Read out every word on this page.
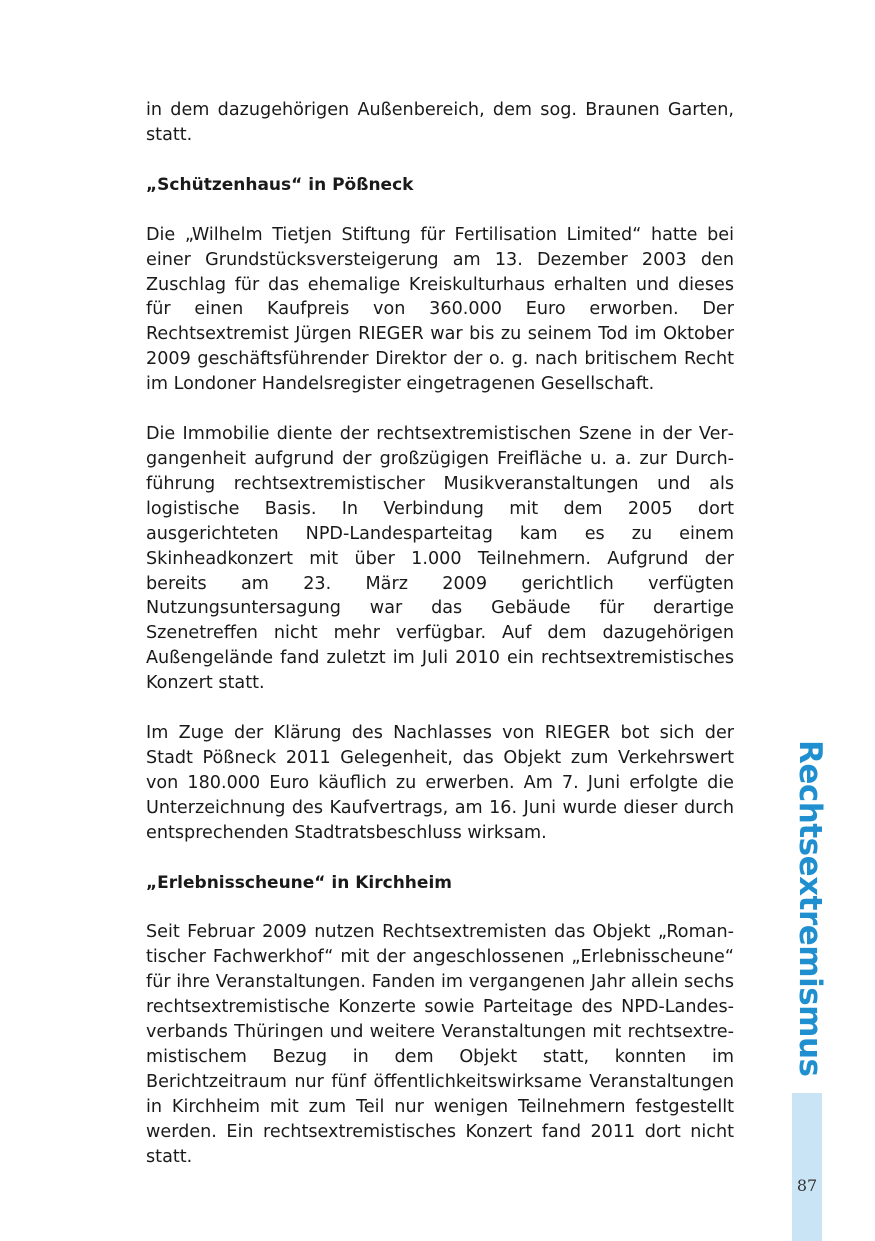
in dem dazugehörigen Außenbereich, dem sog. Braunen Garten, statt.

„Schützenhaus“ in Pößneck

Die „Wilhelm Tietjen Stiftung für Fertilisation Limited“ hatte bei einer Grundstücksversteigerung am 13. Dezember 2003 den Zuschlag für das ehemalige Kreiskulturhaus erhalten und dieses für einen Kaufpreis von 360.000 Euro erworben. Der Rechtsextremist Jürgen RIEGER war bis zu seinem Tod im Oktober 2009 geschäftsführender Direktor der o. g. nach britischem Recht im Londoner Handelsregister eingetragenen Gesellschaft.

Die Immobilie diente der rechtsextremistischen Szene in der Vergangenheit aufgrund der großzügigen Freifläche u. a. zur Durchführung rechtsextremistischer Musikveranstaltungen und als logistische Basis. In Verbindung mit dem 2005 dort ausgerichteten NPD-Landesparteitag kam es zu einem Skinheadkonzert mit über 1.000 Teilnehmern. Aufgrund der bereits am 23. März 2009 gerichtlich verfügten Nutzungsuntersagung war das Gebäude für derartige Szenetreffen nicht mehr verfügbar. Auf dem dazugehörigen Außengelände fand zuletzt im Juli 2010 ein rechtsextremistisches Konzert statt.

Im Zuge der Klärung des Nachlasses von RIEGER bot sich der Stadt Pößneck 2011 Gelegenheit, das Objekt zum Verkehrswert von 180.000 Euro käuflich zu erwerben. Am 7. Juni erfolgte die Unterzeichnung des Kaufvertrags, am 16. Juni wurde dieser durch entsprechenden Stadtratsbeschluss wirksam.

„Erlebnisscheune“ in Kirchheim

Seit Februar 2009 nutzen Rechtsextremisten das Objekt „Romantischer Fachwerkhof“ mit der angeschlossenen „Erlebnisscheune“ für ihre Veranstaltungen. Fanden im vergangenen Jahr allein sechs rechtsextremistische Konzerte sowie Parteitage des NPD-Landesverbands Thüringen und weitere Veranstaltungen mit rechtsextremistischem Bezug in dem Objekt statt, konnten im Berichtzeitraum nur fünf öffentlichkeitswirksame Veranstaltungen in Kirchheim mit zum Teil nur wenigen Teilnehmern festgestellt werden. Ein rechtsextremistisches Konzert fand 2011 dort nicht statt.

Rechtsextremismus
87
